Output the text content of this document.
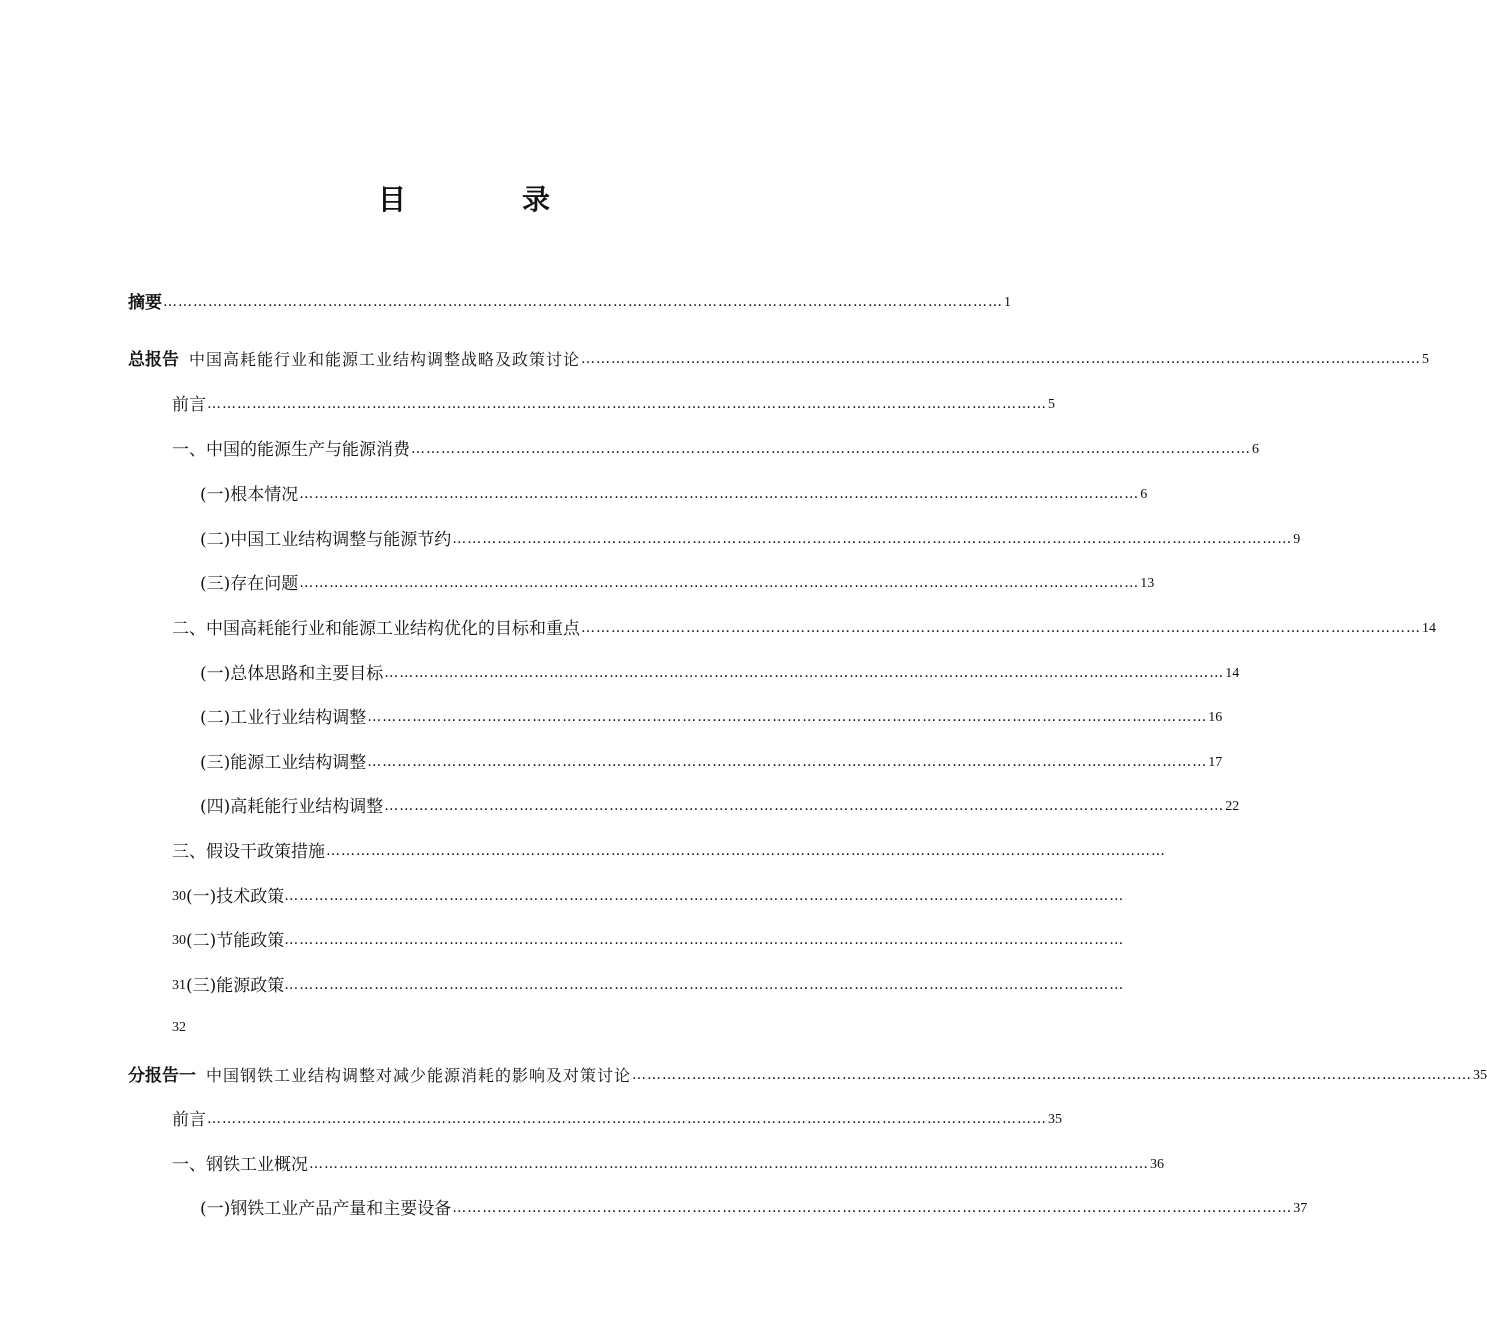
目　录
摘要 …………………………………………………………………………………………………………………………………………………… 1
总报告 中国高耗能行业和能源工业结构调整战略及政策讨论 …………………………………………………………………………………………………………………………………………………… 5
前言 …………………………………………………………………………………………………………………………………………………… 5
一、中国的能源生产与能源消费 …………………………………………………………………………………………………………………………………………………… 6
(一)根本情况 …………………………………………………………………………………………………………………………………………………… 6
(二)中国工业结构调整与能源节约 …………………………………………………………………………………………………………………………………………………… 9
(三)存在问题 …………………………………………………………………………………………………………………………………………………… 13
二、中国高耗能行业和能源工业结构优化的目标和重点 …………………………………………………………………………………………………………………………………………………… 14
(一)总体思路和主要目标 …………………………………………………………………………………………………………………………………………………… 14
(二)工业行业结构调整 …………………………………………………………………………………………………………………………………………………… 16
(三)能源工业结构调整 …………………………………………………………………………………………………………………………………………………… 17
(四)高耗能行业结构调整 …………………………………………………………………………………………………………………………………………………… 22
三、假设干政策措施 ……………………………………………………………………………………………………………………………………………………
30 (一)技术政策 ……………………………………………………………………………………………………………………………………………………
30 (二)节能政策 ……………………………………………………………………………………………………………………………………………………
31 (三)能源政策 ……………………………………………………………………………………………………………………………………………………
32
分报告一 中国钢铁工业结构调整对减少能源消耗的影响及对策讨论 …………………………………………………………………………………………………………………………………………………… 35
前言 …………………………………………………………………………………………………………………………………………………… 35
一、钢铁工业概况 …………………………………………………………………………………………………………………………………………………… 36
(一)钢铁工业产品产量和主要设备 …………………………………………………………………………………………………………………………………………………… 37
